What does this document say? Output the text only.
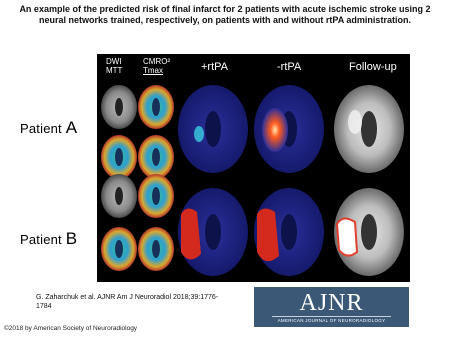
An example of the predicted risk of final infarct for 2 patients with acute ischemic stroke using 2 neural networks trained, respectively, on patients with and without rtPA administration.
Patient A
Patient B
DWI
MTT
CMRO²
Tmax	+rtPA	-rtPA	Follow-up
G. Zaharchuk et al. AJNR Am J Neuroradiol 2018;39:1776-1784	AJNR
AMERICAN JOURNAL OF NEURORADIOLOGY
©2018 by American Society of Neuroradiology
